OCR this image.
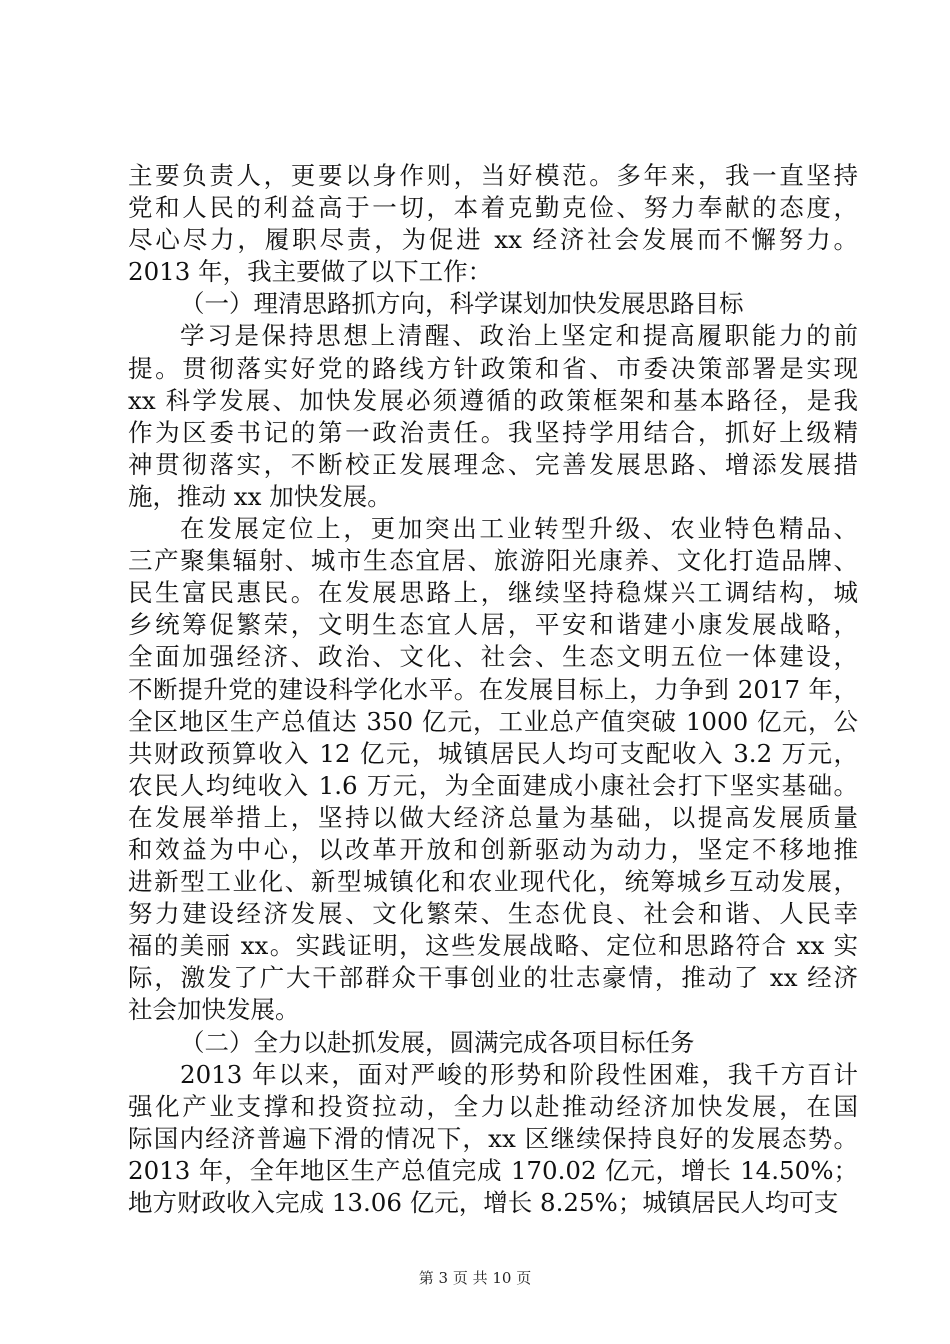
主要负责人，更要以身作则，当好模范。多年来，我一直坚持
党和人民的利益高于一切，本着克勤克俭、努力奉献的态度，
尽心尽力，履职尽责，为促进 xx 经济社会发展而不懈努力。
2013 年，我主要做了以下工作：
（一）理清思路抓方向，科学谋划加快发展思路目标
学习是保持思想上清醒、政治上坚定和提高履职能力的前
提。贯彻落实好党的路线方针政策和省、市委决策部署是实现
xx 科学发展、加快发展必须遵循的政策框架和基本路径，是我
作为区委书记的第一政治责任。我坚持学用结合，抓好上级精
神贯彻落实，不断校正发展理念、完善发展思路、增添发展措
施，推动 xx 加快发展。
在发展定位上，更加突出工业转型升级、农业特色精品、
三产聚集辐射、城市生态宜居、旅游阳光康养、文化打造品牌、
民生富民惠民。在发展思路上，继续坚持稳煤兴工调结构，城
乡统筹促繁荣，文明生态宜人居，平安和谐建小康发展战略，
全面加强经济、政治、文化、社会、生态文明五位一体建设，
不断提升党的建设科学化水平。在发展目标上，力争到 2017 年，
全区地区生产总值达 350 亿元，工业总产值突破 1000 亿元，公
共财政预算收入 12 亿元，城镇居民人均可支配收入 3.2 万元，
农民人均纯收入 1.6 万元，为全面建成小康社会打下坚实基础。
在发展举措上，坚持以做大经济总量为基础，以提高发展质量
和效益为中心，以改革开放和创新驱动为动力，坚定不移地推
进新型工业化、新型城镇化和农业现代化，统筹城乡互动发展，
努力建设经济发展、文化繁荣、生态优良、社会和谐、人民幸
福的美丽 xx。实践证明，这些发展战略、定位和思路符合 xx 实
际，激发了广大干部群众干事创业的壮志豪情，推动了 xx 经济
社会加快发展。
（二）全力以赴抓发展，圆满完成各项目标任务
2013 年以来，面对严峻的形势和阶段性困难，我千方百计
强化产业支撑和投资拉动，全力以赴推动经济加快发展，在国
际国内经济普遍下滑的情况下，xx 区继续保持良好的发展态势。
2013 年，全年地区生产总值完成 170.02 亿元，增长 14.50%；
地方财政收入完成 13.06 亿元，增长 8.25%；城镇居民人均可支
第 3 页 共 10 页
